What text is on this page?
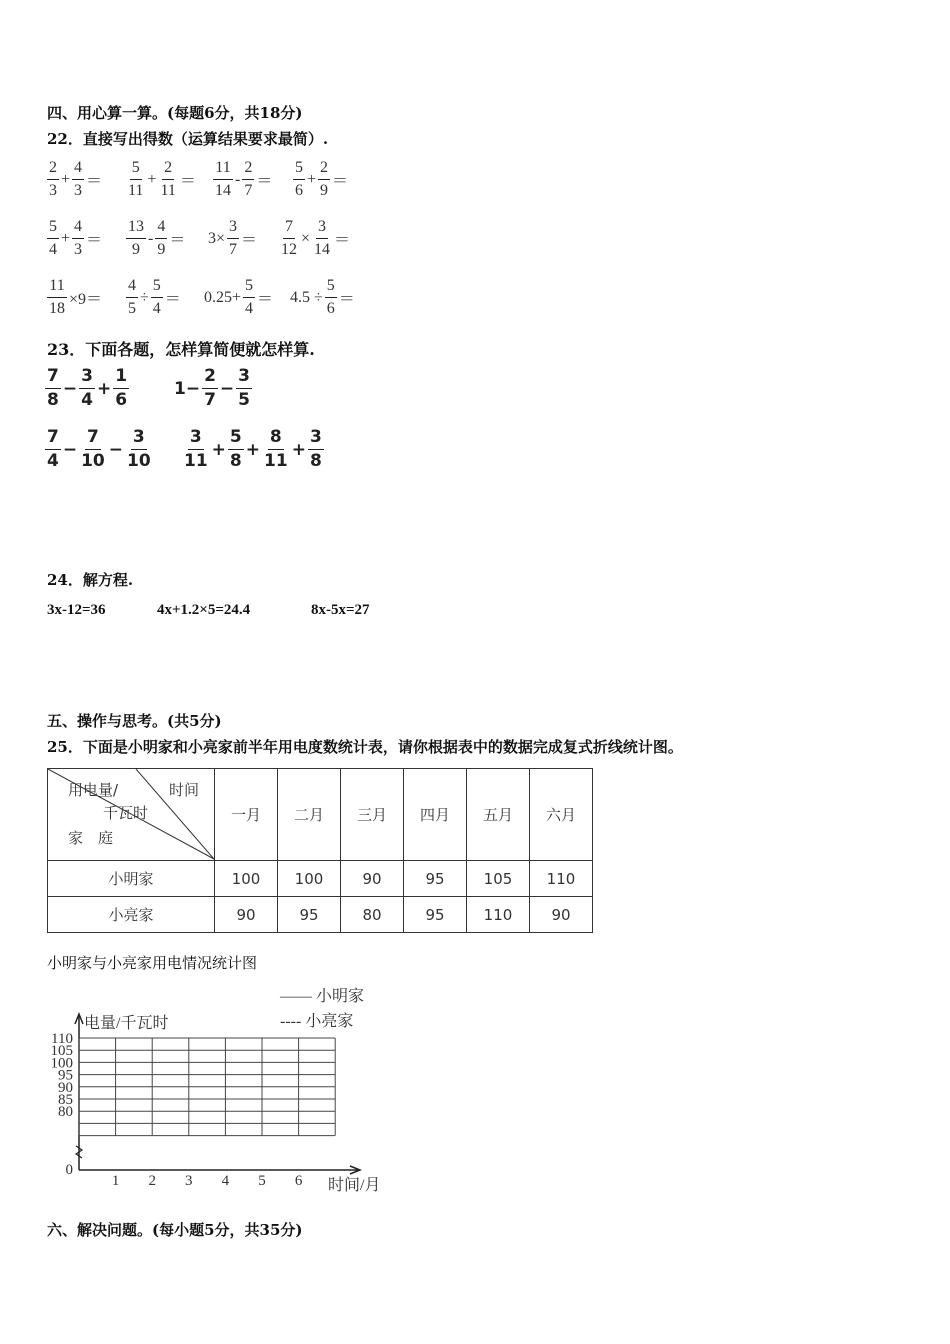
四、用心算一算。(每题6分，共18分)
22．直接写出得数（运算结果要求最简）.
$\frac{2}{3} + \frac{4}{3} = \frac{5}{11} + \frac{2}{11} = \frac{11}{14} - \frac{2}{7} = \frac{5}{6} + \frac{2}{9}$ ＝
$\frac{5}{4} + \frac{4}{3} = \frac{13}{9} - \frac{4}{9} = 3\times \frac{3}{7} = \frac{7}{12} \times \frac{3}{14}$ ＝
$\frac{11}{18} \times 9= \frac{4}{5} \div \frac{5}{4} = 0.25+ \frac{5}{4} = 4.5 \div \frac{5}{6}$ ＝
23．下面各题，怎样算简便就怎样算.
$\frac{7}{8} - \frac{3}{4} + \frac{1}{6}$	$1- \frac{2}{7} - \frac{3}{5}$
$\frac{7}{4} - \frac{7}{10} - \frac{3}{10} \frac{3}{11} + \frac{5}{8} + \frac{8}{11} + \frac{3}{8}$
24．解方程.
3x-12=36	4x+1.2×5=24.4	8x-5x=27
五、操作与思考。(共5分)
25．下面是小明家和小亮家前半年用电度数统计表，请你根据表中的数据完成复式折线统计图。
用电量/ 时间
千瓦时
家　庭	一月	二月	三月	四月	五月	六月
小明家	100	100	90	95	105	110
小亮家	90	95	80	95	110	90
小明家与小亮家用电情况统计图
—— 小明家
---- 小亮家
电量/千瓦时
时间/月
110
105
100
95
90
85
80
0
1 2 3 4 5 6
六、解决问题。(每小题5分，共35分)
